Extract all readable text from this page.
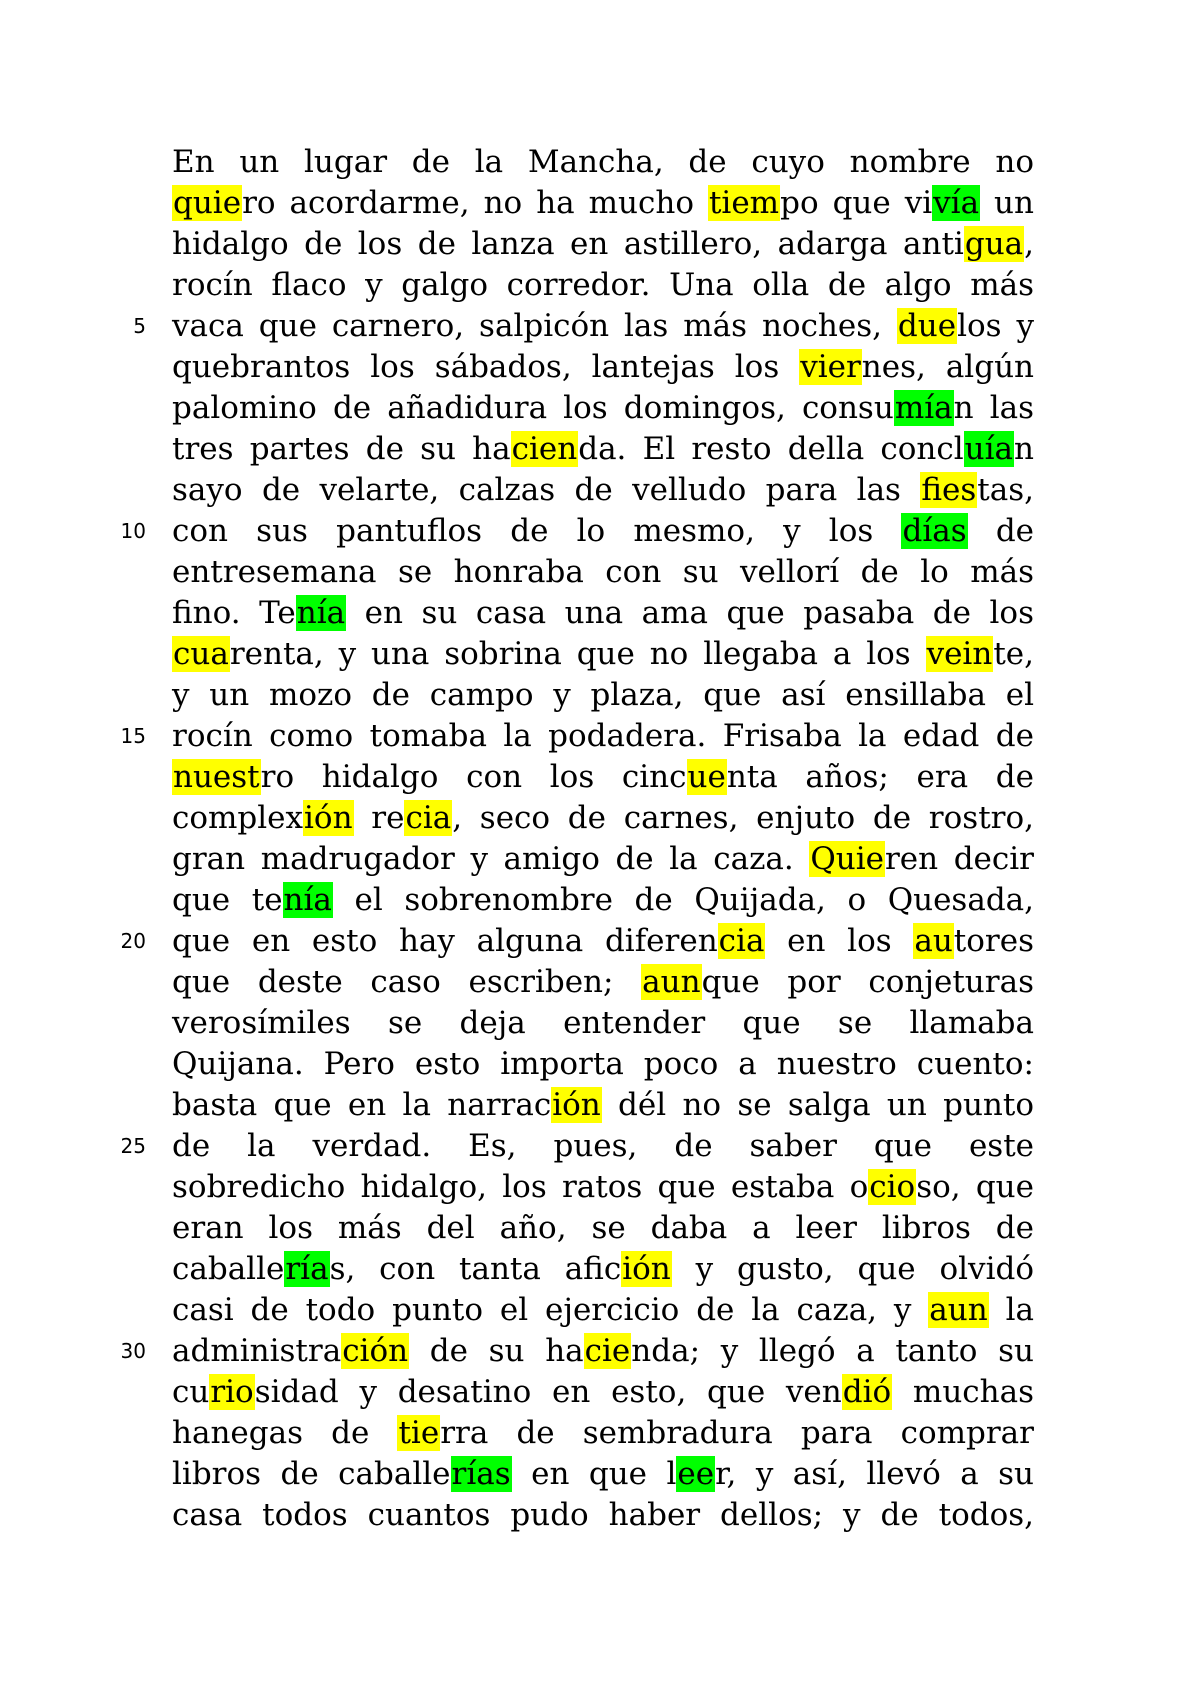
5
10
15
20
25
30
En un lugar de la Mancha, de cuyo nombre no
quiero acordarme, no ha mucho tiempo que vivía un
hidalgo de los de lanza en astillero, adarga antigua,
rocín flaco y galgo corredor. Una olla de algo más
vaca que carnero, salpicón las más noches, duelos y
quebrantos los sábados, lantejas los viernes, algún
palomino de añadidura los domingos, consumían las
tres partes de su hacienda. El resto della concluían
sayo de velarte, calzas de velludo para las fiestas,
con sus pantuflos de lo mesmo, y los días de
entresemana se honraba con su vellorí de lo más
fino. Tenía en su casa una ama que pasaba de los
cuarenta, y una sobrina que no llegaba a los veinte,
y un mozo de campo y plaza, que así ensillaba el
rocín como tomaba la podadera. Frisaba la edad de
nuestro hidalgo con los cincuenta años; era de
complexión recia, seco de carnes, enjuto de rostro,
gran madrugador y amigo de la caza. Quieren decir
que tenía el sobrenombre de Quijada, o Quesada,
que en esto hay alguna diferencia en los autores
que deste caso escriben; aunque por conjeturas
verosímiles se deja entender que se llamaba
Quijana. Pero esto importa poco a nuestro cuento:
basta que en la narración dél no se salga un punto
de la verdad. Es, pues, de saber que este
sobredicho hidalgo, los ratos que estaba ocioso, que
eran los más del año, se daba a leer libros de
caballerías, con tanta afición y gusto, que olvidó
casi de todo punto el ejercicio de la caza, y aun la
administración de su hacienda; y llegó a tanto su
curiosidad y desatino en esto, que vendió muchas
hanegas de tierra de sembradura para comprar
libros de caballerías en que leer, y así, llevó a su
casa todos cuantos pudo haber dellos; y de todos,
